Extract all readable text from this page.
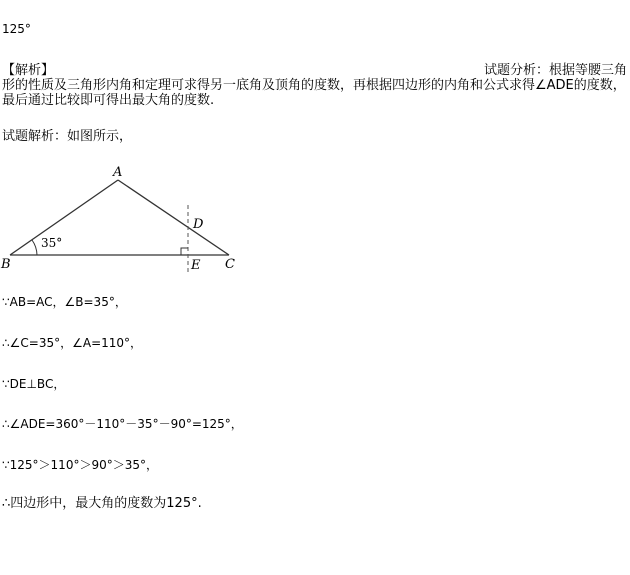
125°
【解析】	试题分析：根据等腰三角
形的性质及三角形内角和定理可求得另一底角及顶角的度数，再根据四边形的内角和公式求得∠ADE的度数，最后通过比较即可得出最大角的度数.
试题解析：如图所示，
A
B	C
D
E
35°
∵AB=AC，∠B=35°，
∴∠C=35°，∠A=110°，
∵DE⊥BC，
∴∠ADE=360°－110°－35°－90°=125°，
∵125°＞110°＞90°＞35°，
∴四边形中，最大角的度数为125°.
